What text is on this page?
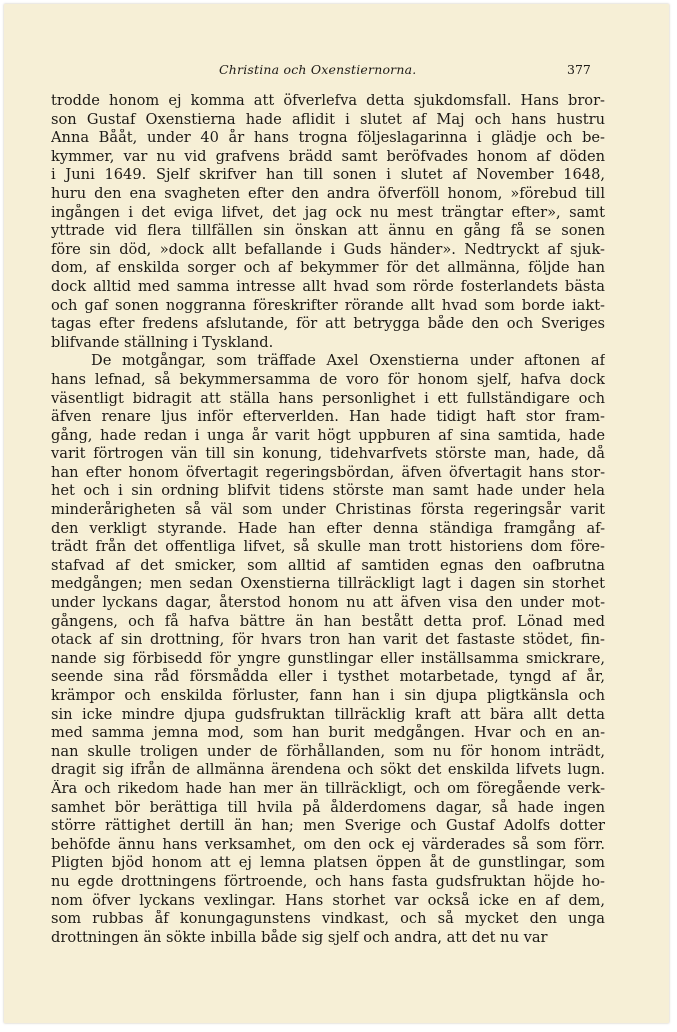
Christina och Oxenstiernorna.	377
trodde honom ej komma att öfverlefva detta sjukdomsfall. Hans bror-
son Gustaf Oxenstierna hade aflidit i slutet af Maj och hans hustru
Anna Bååt, under 40 år hans trogna följeslagarinna i glädje och be-
kymmer, var nu vid grafvens brädd samt beröfvades honom af döden
i Juni 1649. Sjelf skrifver han till sonen i slutet af November 1648,
huru den ena svagheten efter den andra öfverföll honom, »förebud till
ingången i det eviga lifvet, det jag ock nu mest trängtar efter», samt
yttrade vid flera tillfällen sin önskan att ännu en gång få se sonen
före sin död, »dock allt befallande i Guds händer». Nedtryckt af sjuk-
dom, af enskilda sorger och af bekymmer för det allmänna, följde han
dock alltid med samma intresse allt hvad som rörde fosterlandets bästa
och gaf sonen noggranna föreskrifter rörande allt hvad som borde iakt-
tagas efter fredens afslutande, för att betrygga både den och Sveriges
blifvande ställning i Tyskland.
De motgångar, som träffade Axel Oxenstierna under aftonen af
hans lefnad, så bekymmersamma de voro för honom sjelf, hafva dock
väsentligt bidragit att ställa hans personlighet i ett fullständigare och
äfven renare ljus inför efterverlden. Han hade tidigt haft stor fram-
gång, hade redan i unga år varit högt uppburen af sina samtida, hade
varit förtrogen vän till sin konung, tidehvarfvets störste man, hade, då
han efter honom öfvertagit regeringsbördan, äfven öfvertagit hans stor-
het och i sin ordning blifvit tidens störste man samt hade under hela
minderårigheten så väl som under Christinas första regeringsår varit
den verkligt styrande. Hade han efter denna ständiga framgång af-
trädt från det offentliga lifvet, så skulle man trott historiens dom före-
stafvad af det smicker, som alltid af samtiden egnas den oafbrutna
medgången; men sedan Oxenstierna tillräckligt lagt i dagen sin storhet
under lyckans dagar, återstod honom nu att äfven visa den under mot-
gångens, och få hafva bättre än han bestått detta prof. Lönad med
otack af sin drottning, för hvars tron han varit det fastaste stödet, fin-
nande sig förbisedd för yngre gunstlingar eller inställsamma smickrare,
seende sina råd försmådda eller i tysthet motarbetade, tyngd af år,
krämpor och enskilda förluster, fann han i sin djupa pligtkänsla och
sin icke mindre djupa gudsfruktan tillräcklig kraft att bära allt detta
med samma jemna mod, som han burit medgången. Hvar och en an-
nan skulle troligen under de förhållanden, som nu för honom inträdt,
dragit sig ifrån de allmänna ärendena och sökt det enskilda lifvets lugn.
Ära och rikedom hade han mer än tillräckligt, och om föregående verk-
samhet bör berättiga till hvila på ålderdomens dagar, så hade ingen
större rättighet dertill än han; men Sverige och Gustaf Adolfs dotter
behöfde ännu hans verksamhet, om den ock ej värderades så som förr.
Pligten bjöd honom att ej lemna platsen öppen åt de gunstlingar, som
nu egde drottningens förtroende, och hans fasta gudsfruktan höjde ho-
nom öfver lyckans vexlingar. Hans storhet var också icke en af dem,
som rubbas åf konungagunstens vindkast, och så mycket den unga
drottningen än sökte inbilla både sig sjelf och andra, att det nu var
